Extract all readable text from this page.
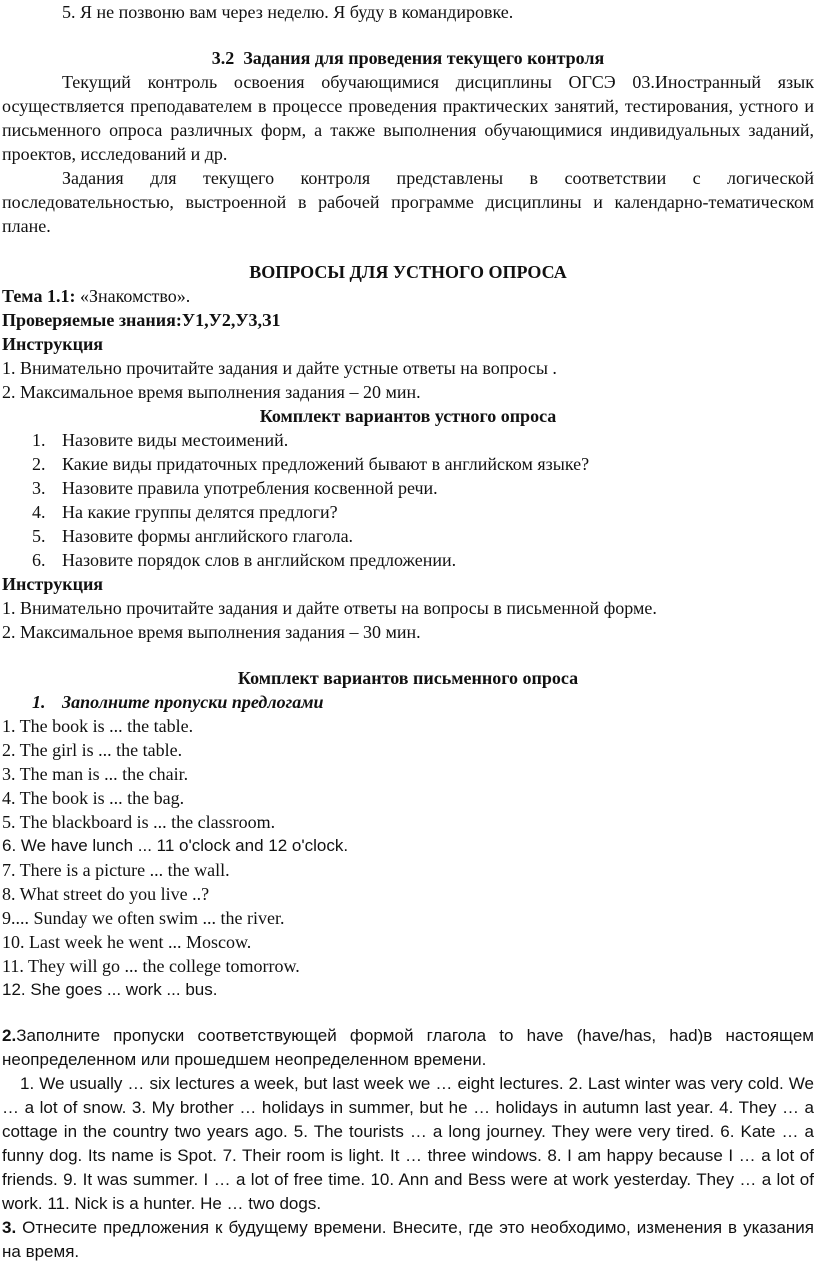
5. Я не позвоню вам через неделю. Я буду в командировке.

3.2 Задания для проведения текущего контроля

Текущий контроль освоения обучающимися дисциплины ОГСЭ 03.Иностранный язык осуществляется преподавателем в процессе проведения практических занятий, тестирования, устного и письменного опроса различных форм, а также выполнения обучающимися индивидуальных заданий, проектов, исследований и др.

Задания для текущего контроля представлены в соответствии с логической последовательностью, выстроенной в рабочей программе дисциплины и календарно-тематическом плане.

ВОПРОСЫ ДЛЯ УСТНОГО ОПРОСА

Тема 1.1: «Знакомство».

Проверяемые знания:У1,У2,У3,З1

Инструкция

1. Внимательно прочитайте задания и дайте устные ответы на вопросы .

2. Максимальное время выполнения задания – 20 мин.

Комплект вариантов устного опроса

1. Назовите виды местоимений.

2. Какие виды придаточных предложений бывают в английском языке?

3. Назовите правила употребления косвенной речи.

4. На какие группы делятся предлоги?

5. Назовите формы английского глагола.

6. Назовите порядок слов в английском предложении.

Инструкция

1. Внимательно прочитайте задания и дайте ответы на вопросы в письменной форме.

2. Максимальное время выполнения задания – 30 мин.

Комплект вариантов письменного опроса

1. Заполните пропуски предлогами

1. The book is ... the table.

2. The girl is ... the table.

3. The man is ... the chair.

4. The book is ... the bag.

5. The blackboard is ... the classroom.

6. We have lunch ... 11 o'clock and 12 o'clock.

7. There is a picture ... the wall.

8. What street do you live ..?

9.... Sunday we often swim ... the river.

10. Last week he went ... Moscow.

11. They will go ... the college tomorrow.

12. She goes ... work ... bus.

2.Заполните пропуски соответствующей формой глагола to have (have/has, had)в настоящем неопределенном или прошедшем неопределенном времени.

1. We usually … six lectures a week, but last week we … eight lectures. 2. Last winter was very cold. We … a lot of snow. 3. My brother … holidays in summer, but he … holidays in autumn last year. 4. They … a cottage in the country two years ago. 5. The tourists … a long journey. They were very tired. 6. Kate … a funny dog. Its name is Spot. 7. Their room is light. It … three windows. 8. I am happy because I … a lot of friends. 9. It was summer. I … a lot of free time. 10. Ann and Bess were at work yesterday. They … a lot of work. 11. Nick is a hunter. He … two dogs.

3. Отнесите предложения к будущему времени. Внесите, где это необходимо, изменения в указания на время.
